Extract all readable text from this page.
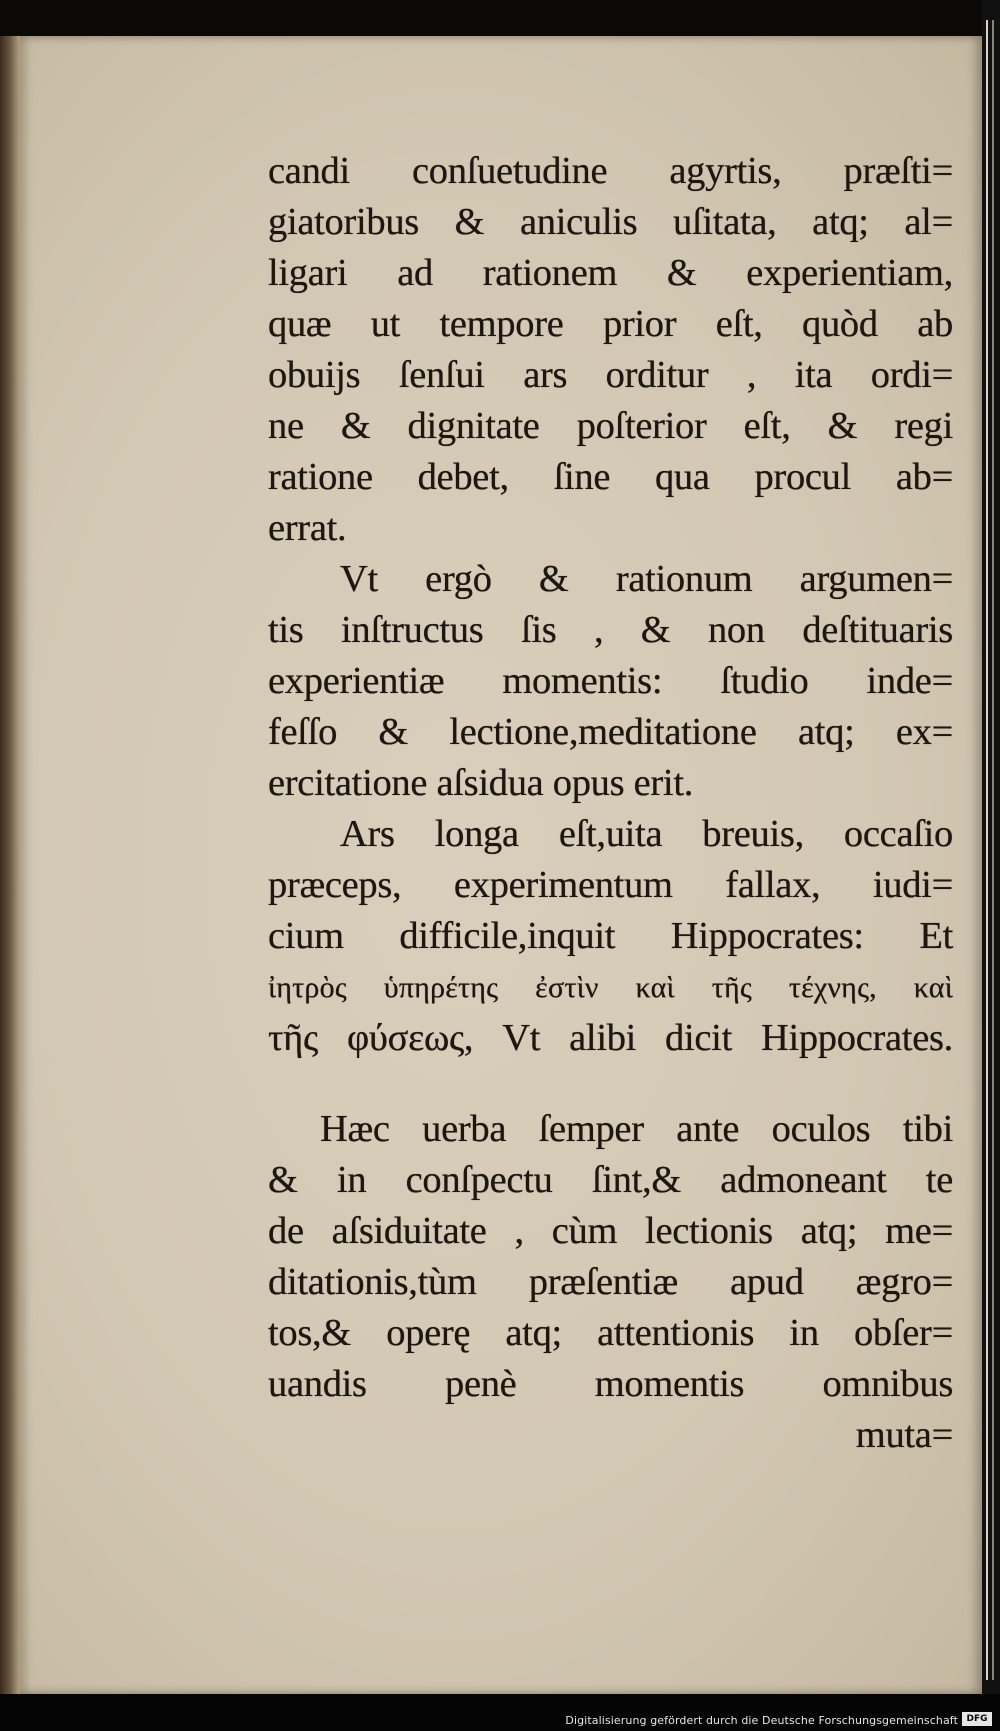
candi conſuetudine agyrtis, præſti=
giatoribus & aniculis uſitata, atq; al=
ligari ad rationem & experientiam,
quæ ut tempore prior eſt, quòd ab
obuijs ſenſui ars orditur , ita ordi=
ne & dignitate poſterior eſt, & regi
ratione debet, ſine qua procul ab=
errat.
Vt ergò & rationum argumen=
tis inſtructus ſis , & non deſtituaris
experientiæ momentis: ſtudio inde=
feſſo & lectione,meditatione atq; ex=
ercitatione aſsidua opus erit.
Ars longa eſt,uita breuis, occaſio
præceps, experimentum fallax, iudi=
cium difficile,inquit Hippocrates: Et
ἰητρὸς ὑπηρέτης ἐστὶν καὶ τῆς τέχνης, καὶ
τῆς φύσεως, Vt alibi dicit Hippocrates.
Hæc uerba ſemper ante oculos tibi
& in conſpectu ſint,& admoneant te
de aſsiduitate , cùm lectionis atq; me=
ditationis,tùm præſentiæ apud ægro=
tos,& operę atq; attentionis in obſer=
uandis penè momentis omnibus
muta=
Digitalisierung gefördert durch die Deutsche Forschungsgemeinschaft DFG
